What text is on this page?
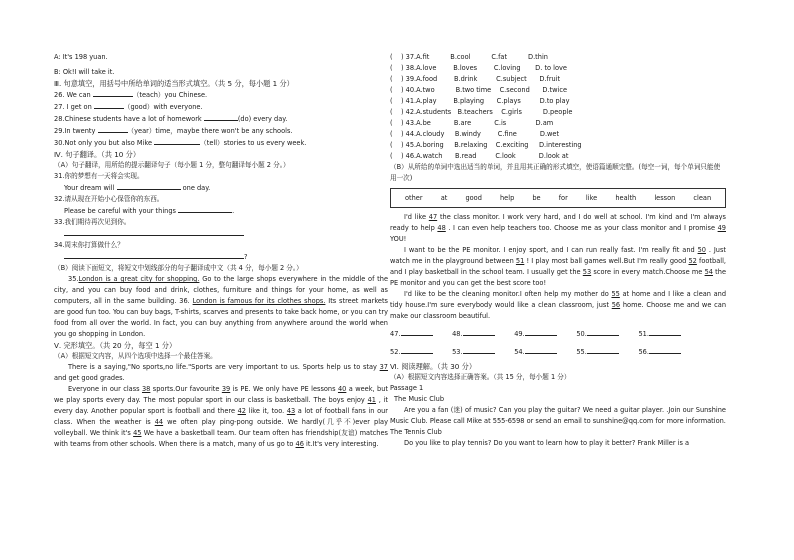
A: It's 198 yuan.
B: Ok!I will take it.
Ⅲ. 句意填空，用括号中所给单词的适当形式填空。（共 5 分，每小题 1 分）
26. We can	（teach）you Chinese.
27. I get on	（good）with everyone.
28.Chinese students have a lot of homework	(do) every day.
29.In twenty	（year）time，maybe there won't be any schools.
30.Not only you but also Mike	（tell）stories to us every week.
Ⅳ. 句子翻译。（共 10 分）
（A）句子翻译，用所给的提示翻译句子（每小题 1 分，整句翻译每小题 2 分。）
31.你的梦想有一天将会实现。
Your dream will	one day.
32.请从现在开始小心保管你的东西。
Please be careful with your things	.
33.我们期待再次见到你。
34.周末你打算做什么？
?
（B）阅读下面短文，将短文中划线部分的句子翻译成中文（共 4 分，每小题 2 分。）
35.London is a great city for shopping. Go to the large shops everywhere in the middle of the city, and you can buy food and drink, clothes, furniture and things for your home, as well as computers, all in the same building. 36. London is famous for its clothes shops. Its street markets are good fun too. You can buy bags, T-shirts, scarves and presents to take back home, or you can try food from all over the world. In fact, you can buy anything from anywhere around the world when you go shopping in London.
Ⅴ. 完形填空。（共 20 分，每空 1 分）
（A）根据短文内容，从四个选项中选择一个最佳答案。
There is a saying,"No sports,no life."Sports are very important to us. Sports help us to stay 37 and get good grades.
Everyone in our class 38 sports.Our favourite 39 is PE. We only have PE lessons 40 a week, but we play sports every day. The most popular sport in our class is basketball. The boys enjoy 41 , it every day. Another popular sport is football and there 42 like it, too. 43 a lot of football fans in our class. When the weather is 44 we often play ping-pong outside. We hardly(几乎不)ever play volleyball. We think it's 45 We have a basketball team. Our team often has friendship(友谊) matches with teams from other schools. When there is a match, many of us go to 46 it.It's very interesting.
(    ) 37.A.fit          B.cool          C.fat          D.thin
(    ) 38.A.love        B.loves        C.loving       D. to love
(    ) 39.A.food        B.drink         C.subject      D.fruit
(    ) 40.A.two          B.two time    C.second      D.twice
(    ) 41.A.play        B.playing      C.plays         D.to play
(    ) 42.A.students   B.teachers    C.girls          D.people
(    ) 43.A.be           B.are           C.is              D.am
(    ) 44.A.cloudy     B.windy        C.fine           D.wet
(    ) 45.A.boring     B.relaxing    C.exciting     D.interesting
(    ) 46.A.watch      B.read         C.look           D.look at
（B）从所给的单词中选出适当的单词，并且用其正确的形式填空，使语篇通顺完整。(每空一词，每个单词只能使用一次)
other	at	good	help	be	for	like	health	lesson	clean
I'd like 47 the class monitor. I work very hard, and I do well at school. I'm kind and I'm always ready to help 48 . I can even help teachers too. Choose me as your class monitor and I promise 49 YOU!
I want to be the PE monitor. I enjoy sport, and I can run really fast. I'm really fit and 50 . Just watch me in the playground between 51 ! I play most ball games well.But I'm really good 52 football, and I play basketball in the school team. I usually get the 53 score in every match.Choose me 54 the PE monitor and you can get the best score too!
I'd like to be the cleaning monitor.I often help my mother do 55 at home and I like a clean and tidy house.I'm sure everybody would like a clean classroom, just 56 home. Choose me and we can make our classroom beautiful.
47.	48.	49.	50.	51.
52.	53.	54.	55.	56.
Ⅵ. 阅读理解。（共 30 分）
（A）根据短文内容选择正确答案。（共 15 分，每小题 1 分）
Passage 1
The Music Club
Are you a fan (迷) of music? Can you play the guitar? We need a guitar player. .Join our Sunshine Music Club. Please call Mike at 555-6598 or send an email to sunshine@qq.com for more information.
The Tennis Club
Do you like to play tennis? Do you want to learn how to play it better? Frank Miller is a
